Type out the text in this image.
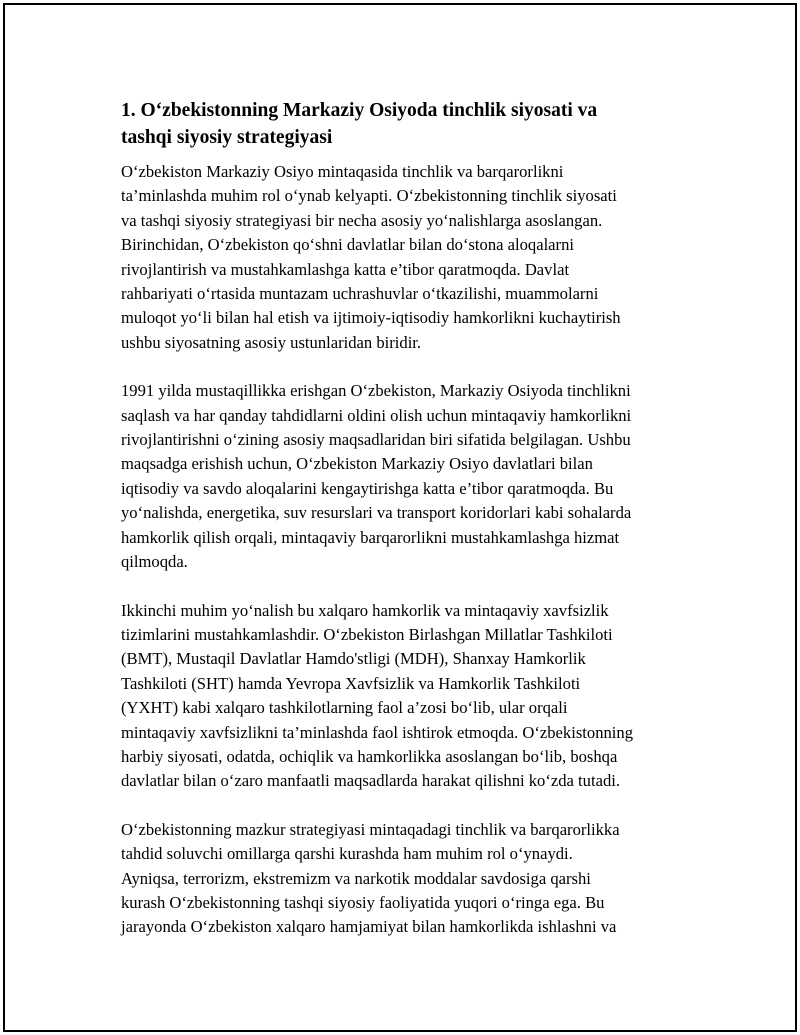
1. O‘zbekistonning Markaziy Osiyoda tinchlik siyosati va
tashqi siyosiy strategiyasi

O‘zbekiston Markaziy Osiyo mintaqasida tinchlik va barqarorlikni
ta’minlashda muhim rol o‘ynab kelyapti. O‘zbekistonning tinchlik siyosati
va tashqi siyosiy strategiyasi bir necha asosiy yo‘nalishlarga asoslangan.
Birinchidan, O‘zbekiston qo‘shni davlatlar bilan do‘stona aloqalarni
rivojlantirish va mustahkamlashga katta e’tibor qaratmoqda. Davlat
rahbariyati o‘rtasida muntazam uchrashuvlar o‘tkazilishi, muammolarni
muloqot yo‘li bilan hal etish va ijtimoiy-iqtisodiy hamkorlikni kuchaytirish
ushbu siyosatning asosiy ustunlaridan biridir.

1991 yilda mustaqillikka erishgan O‘zbekiston, Markaziy Osiyoda tinchlikni
saqlash va har qanday tahdidlarni oldini olish uchun mintaqaviy hamkorlikni
rivojlantirishni o‘zining asosiy maqsadlaridan biri sifatida belgilagan. Ushbu
maqsadga erishish uchun, O‘zbekiston Markaziy Osiyo davlatlari bilan
iqtisodiy va savdo aloqalarini kengaytirishga katta e’tibor qaratmoqda. Bu
yo‘nalishda, energetika, suv resurslari va transport koridorlari kabi sohalarda
hamkorlik qilish orqali, mintaqaviy barqarorlikni mustahkamlashga hizmat
qilmoqda.

Ikkinchi muhim yo‘nalish bu xalqaro hamkorlik va mintaqaviy xavfsizlik
tizimlarini mustahkamlashdir. O‘zbekiston Birlashgan Millatlar Tashkiloti
(BMT), Mustaqil Davlatlar Hamdo'stligi (MDH), Shanxay Hamkorlik
Tashkiloti (SHT) hamda Yevropa Xavfsizlik va Hamkorlik Tashkiloti
(YXHT) kabi xalqaro tashkilotlarning faol a’zosi bo‘lib, ular orqali
mintaqaviy xavfsizlikni ta’minlashda faol ishtirok etmoqda. O‘zbekistonning
harbiy siyosati, odatda, ochiqlik va hamkorlikka asoslangan bo‘lib, boshqa
davlatlar bilan o‘zaro manfaatli maqsadlarda harakat qilishni ko‘zda tutadi.

O‘zbekistonning mazkur strategiyasi mintaqadagi tinchlik va barqarorlikka
tahdid soluvchi omillarga qarshi kurashda ham muhim rol o‘ynaydi.
Ayniqsa, terrorizm, ekstremizm va narkotik moddalar savdosiga qarshi
kurash O‘zbekistonning tashqi siyosiy faoliyatida yuqori o‘ringa ega. Bu
jarayonda O‘zbekiston xalqaro hamjamiyat bilan hamkorlikda ishlashni va
